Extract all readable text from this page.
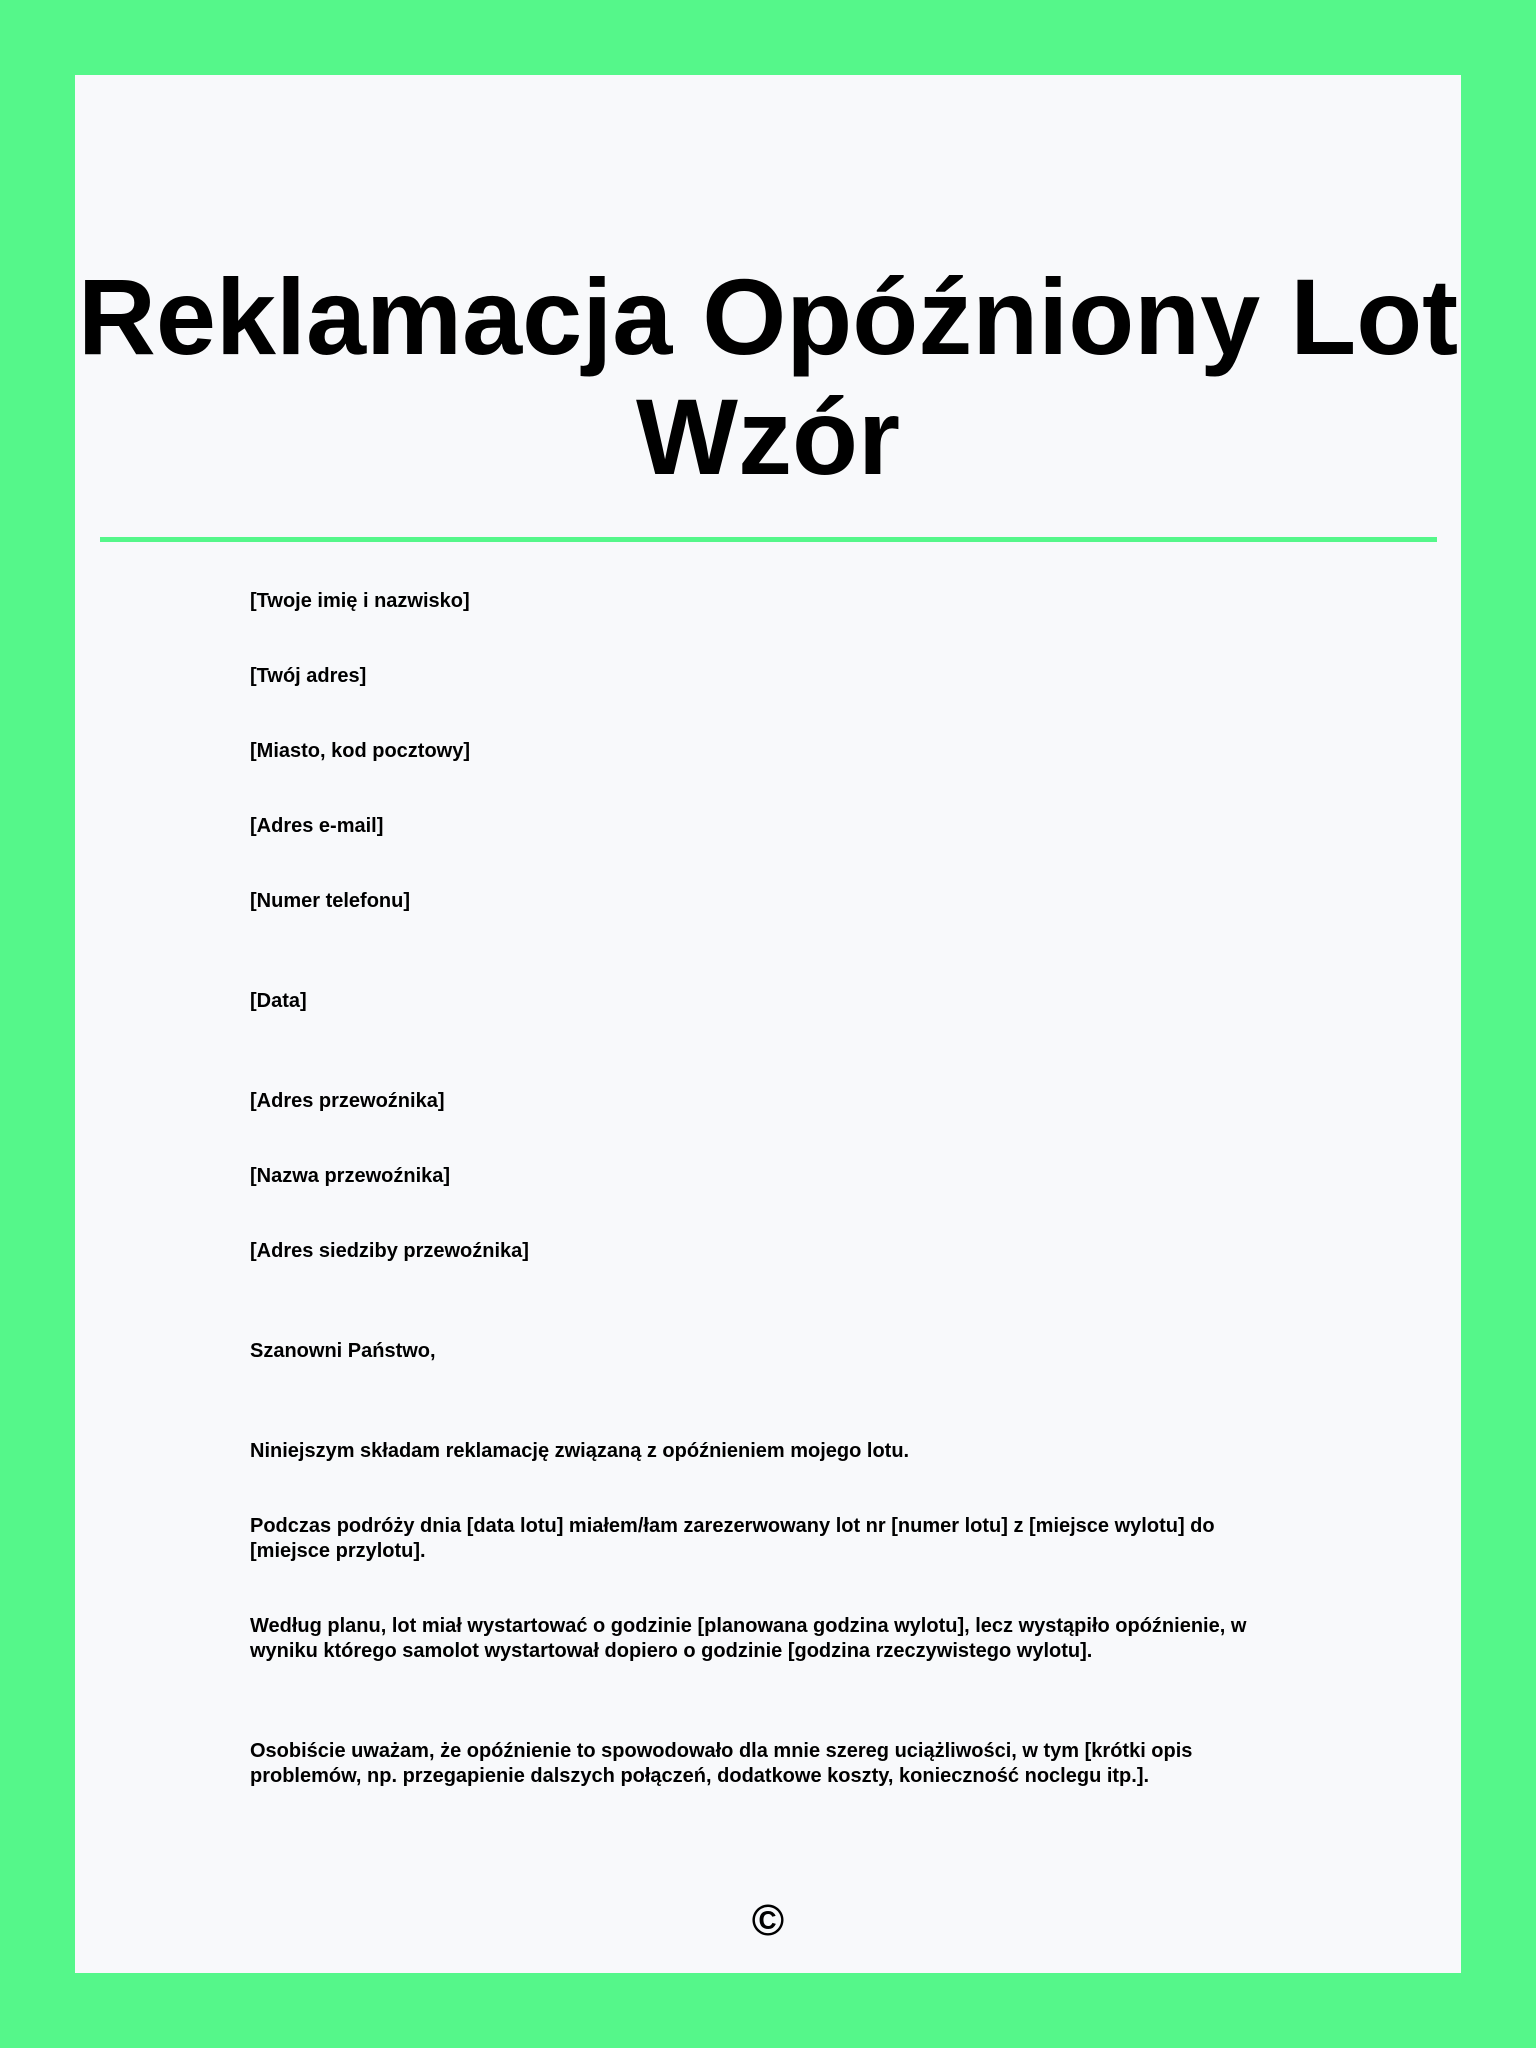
Reklamacja Opóźniony Lot Wzór

[Twoje imię i nazwisko]

[Twój adres]

[Miasto, kod pocztowy]

[Adres e-mail]

[Numer telefonu]

[Data]

[Adres przewoźnika]

[Nazwa przewoźnika]

[Adres siedziby przewoźnika]

Szanowni Państwo,

Niniejszym składam reklamację związaną z opóźnieniem mojego lotu.

Podczas podróży dnia [data lotu] miałem/łam zarezerwowany lot nr [numer lotu] z [miejsce wylotu] do [miejsce przylotu].

Według planu, lot miał wystartować o godzinie [planowana godzina wylotu], lecz wystąpiło opóźnienie, w wyniku którego samolot wystartował dopiero o godzinie [godzina rzeczywistego wylotu].

Osobiście uważam, że opóźnienie to spowodowało dla mnie szereg uciążliwości, w tym [krótki opis problemów, np. przegapienie dalszych połączeń, dodatkowe koszty, konieczność noclegu itp.].

©
